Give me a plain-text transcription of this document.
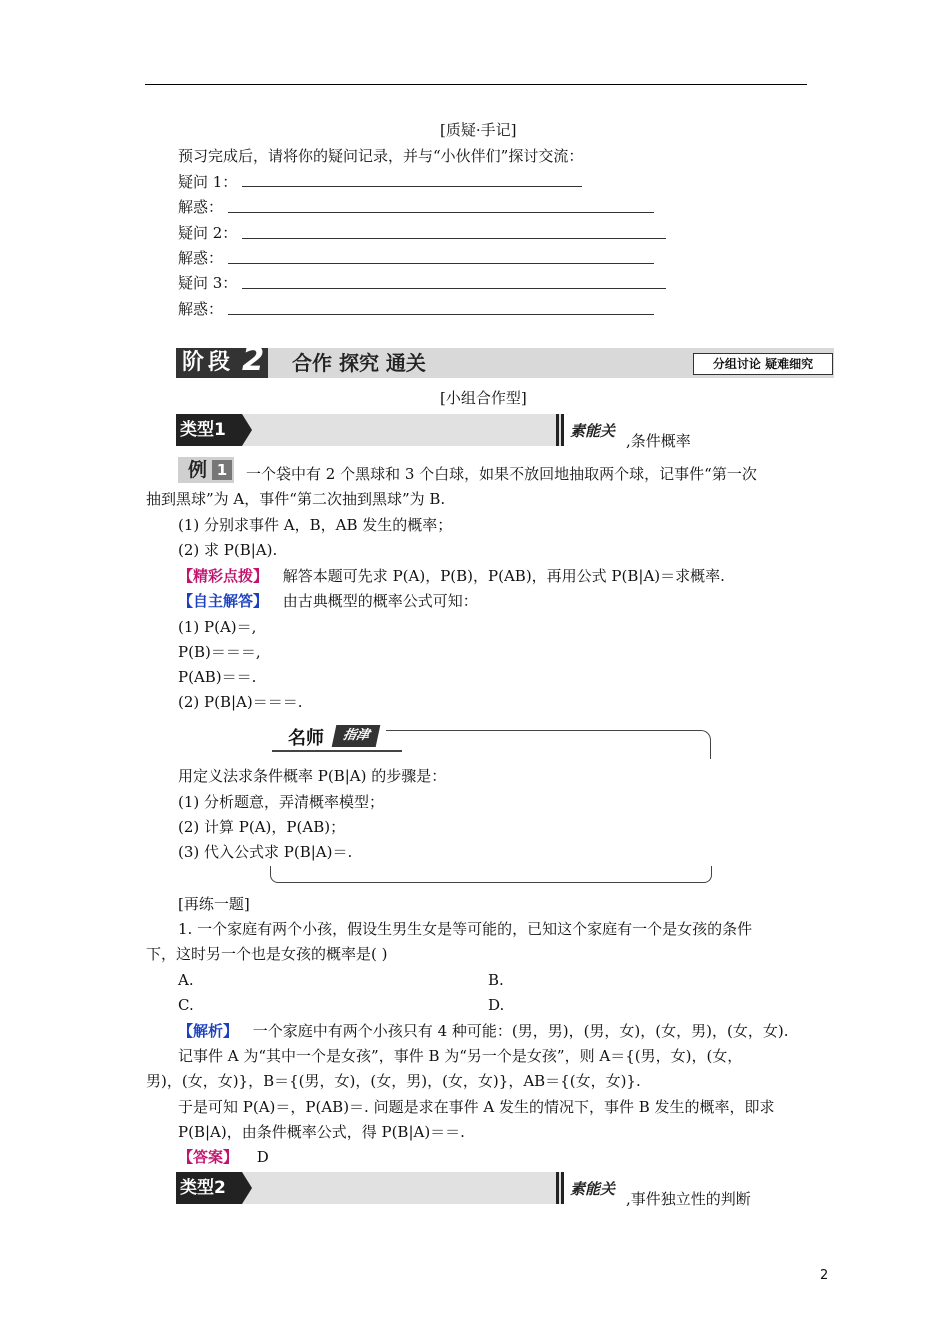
[质疑·手记]
预习完成后，请将你的疑问记录，并与“小伙伴们”探讨交流：
疑问 1：
解惑：
疑问 2：
解惑：
疑问 3：
解惑：
阶段 2 合作 探究 通关	分组讨论 疑难细究
[小组合作型]
类型1	素能关
,条件概率
例 1	一个袋中有 2 个黑球和 3 个白球，如果不放回地抽取两个球，记事件“第一次
抽到黑球”为 A，事件“第二次抽到黑球”为 B.
(1) 分别求事件 A，B，AB 发生的概率；
(2) 求 P(B|A).
【精彩点拨】 解答本题可先求 P(A)，P(B)，P(AB)，再用公式 P(B|A)＝求概率.
【自主解答】 由古典概型的概率公式可知：
(1) P(A)＝,
P(B)＝＝＝,
P(AB)＝＝.
(2) P(B|A)＝＝＝.
名师	指津
用定义法求条件概率 P(B|A) 的步骤是：
(1) 分析题意，弄清概率模型；
(2) 计算 P(A)，P(AB)；
(3) 代入公式求 P(B|A)＝.
[再练一题]
1. 一个家庭有两个小孩，假设生男生女是等可能的，已知这个家庭有一个是女孩的条件
下，这时另一个也是女孩的概率是( )
A.	B.
C.	D.
【解析】 一个家庭中有两个小孩只有 4 种可能：(男，男)，(男，女)，(女，男)，(女，女).
记事件 A 为“其中一个是女孩”，事件 B 为“另一个是女孩”，则 A＝{(男，女)，(女，
男)，(女，女)}，B＝{(男，女)，(女，男)，(女，女)}，AB＝{(女，女)}.
于是可知 P(A)＝，P(AB)＝. 问题是求在事件 A 发生的情况下，事件 B 发生的概率，即求
P(B|A)，由条件概率公式，得 P(B|A)＝＝.
【答案】 D
类型2	素能关
,事件独立性的判断
2
